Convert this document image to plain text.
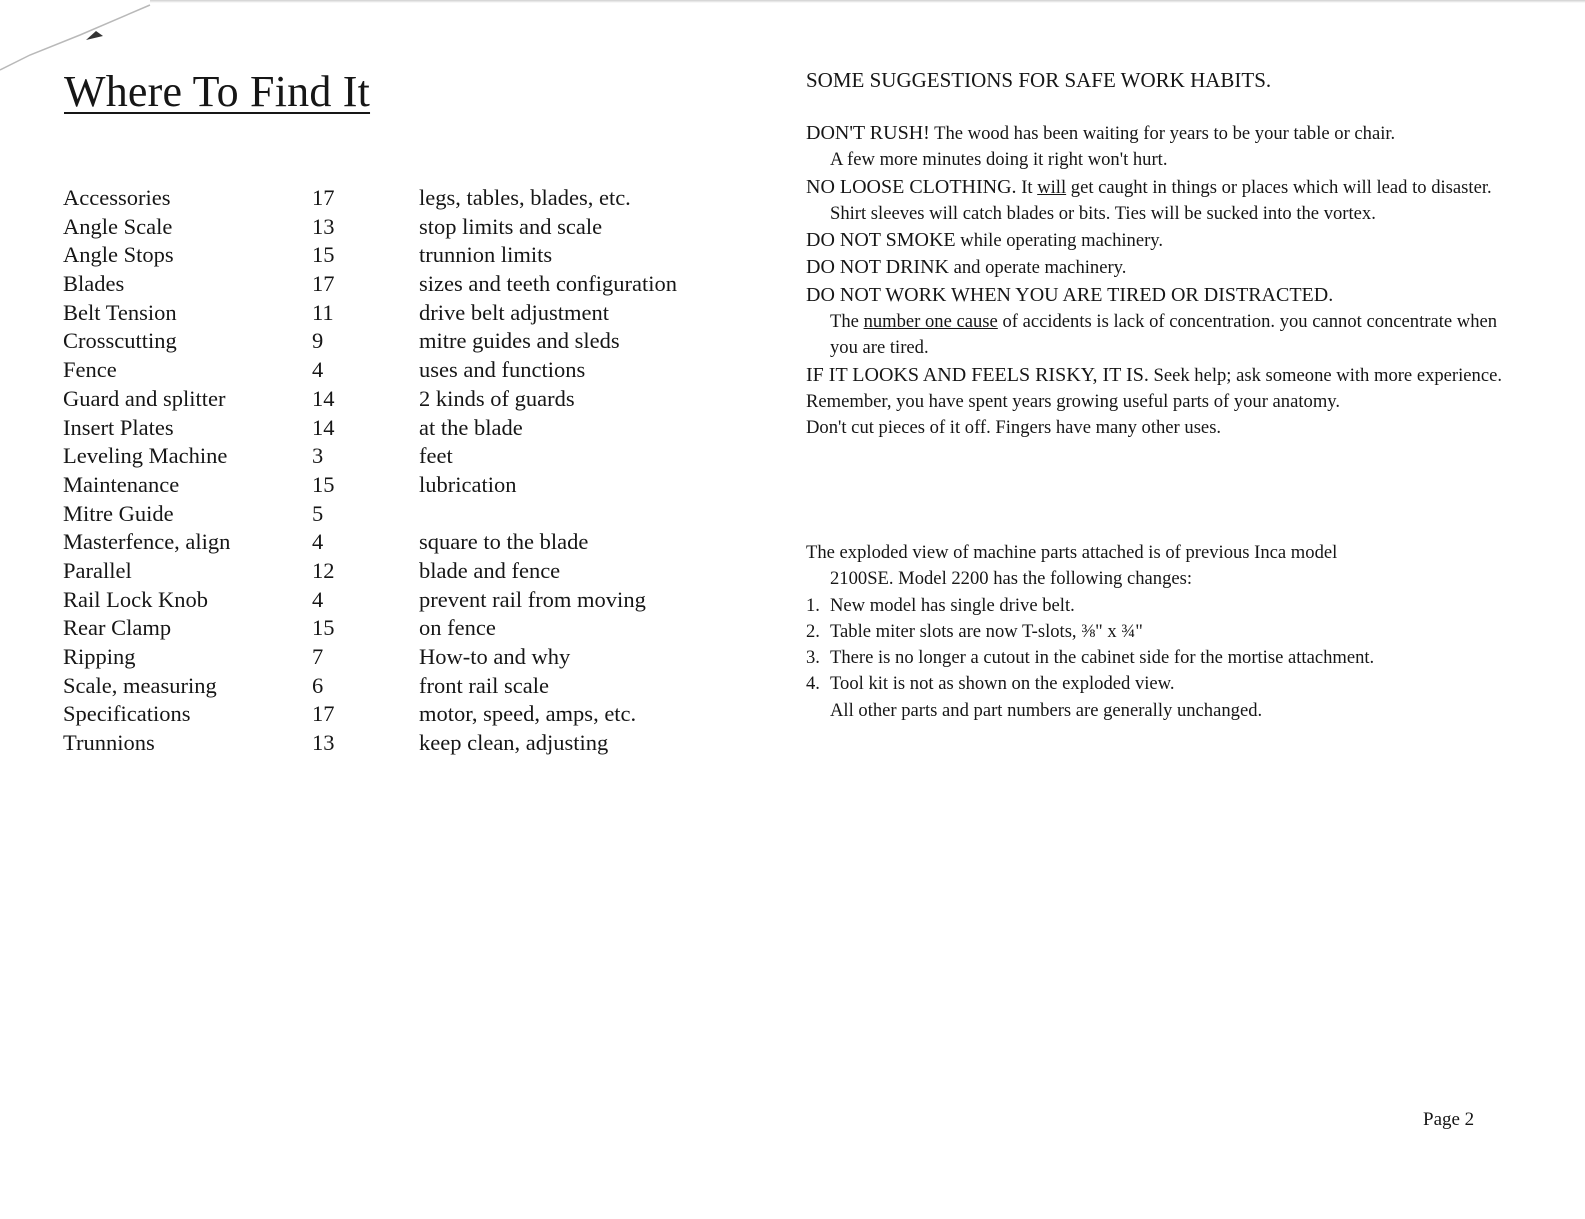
Where To Find It
Accessories	17	legs, tables, blades, etc.
Angle Scale	13	stop limits and scale
Angle Stops	15	trunnion limits
Blades	17	sizes and teeth configuration
Belt Tension	11	drive belt adjustment
Crosscutting	9	mitre guides and sleds
Fence	4	uses and functions
Guard and splitter	14	2 kinds of guards
Insert Plates	14	at the blade
Leveling Machine	3	feet
Maintenance	15	lubrication
Mitre Guide	5
Masterfence, align	4	square to the blade
Parallel	12	blade and fence
Rail Lock Knob	4	prevent rail from moving
Rear Clamp	15	on fence
Ripping	7	How-to and why
Scale, measuring	6	front rail scale
Specifications	17	motor, speed, amps, etc.
Trunnions	13	keep clean, adjusting
SOME SUGGESTIONS FOR SAFE WORK HABITS.

DON'T RUSH! The wood has been waiting for years to be your table or chair.
A few more minutes doing it right won't hurt.

NO LOOSE CLOTHING. It will get caught in things or places which will lead to disaster. Shirt sleeves will catch blades or bits. Ties will be sucked into the vortex.

DO NOT SMOKE while operating machinery.

DO NOT DRINK and operate machinery.

DO NOT WORK WHEN YOU ARE TIRED OR DISTRACTED.
The number one cause of accidents is lack of concentration. you cannot concentrate when you are tired.

IF IT LOOKS AND FEELS RISKY, IT IS. Seek help; ask someone with more experience.

Remember, you have spent years growing useful parts of your anatomy.

Don't cut pieces of it off. Fingers have many other uses.

The exploded view of machine parts attached is of previous Inca model

2100SE. Model 2200 has the following changes:

1. New model has single drive belt.
2. Table miter slots are now T-slots, ⅜" x ¾"
3. There is no longer a cutout in the cabinet side for the mortise attachment.
4. Tool kit is not as shown on the exploded view.

All other parts and part numbers are generally unchanged.

Page 2
